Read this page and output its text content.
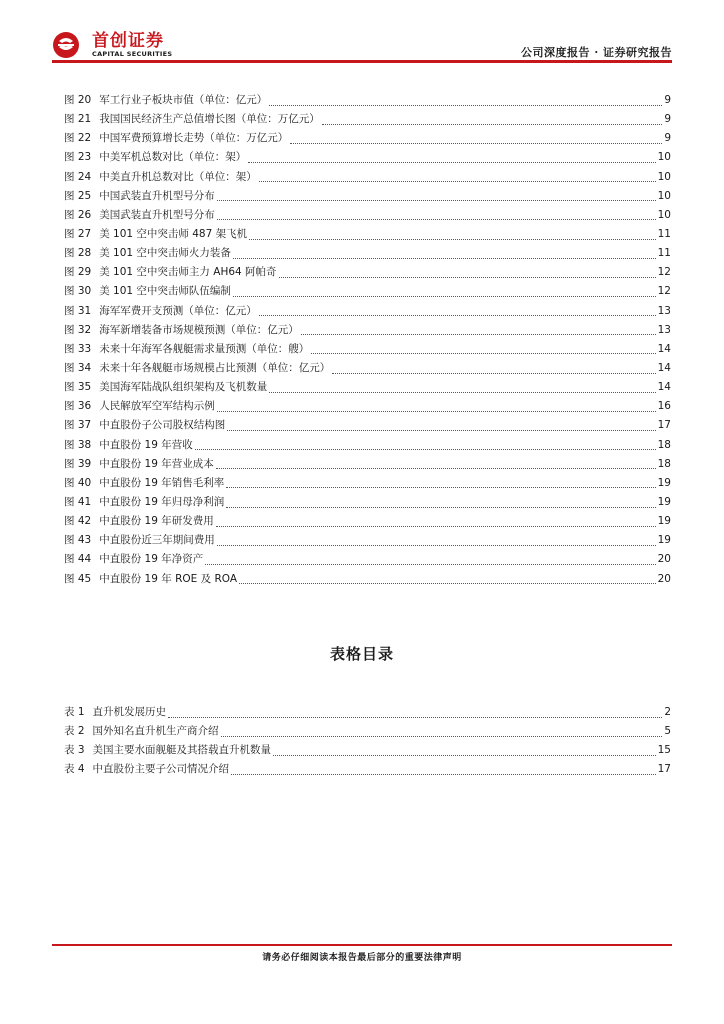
首创证券
CAPITAL SECURITIES	公司深度报告 · 证券研究报告
图 20 军工行业子板块市值（单位：亿元）	9
图 21 我国国民经济生产总值增长图（单位：万亿元）	9
图 22 中国军费预算增长走势（单位：万亿元）	9
图 23 中美军机总数对比（单位：架）	10
图 24 中美直升机总数对比（单位：架）	10
图 25 中国武装直升机型号分布	10
图 26 美国武装直升机型号分布	10
图 27 美 101 空中突击师 487 架飞机	11
图 28 美 101 空中突击师火力装备	11
图 29 美 101 空中突击师主力 AH64 阿帕奇	12
图 30 美 101 空中突击师队伍编制	12
图 31 海军军费开支预测（单位：亿元）	13
图 32 海军新增装备市场规模预测（单位：亿元）	13
图 33 未来十年海军各舰艇需求量预测（单位：艘）	14
图 34 未来十年各舰艇市场规模占比预测（单位：亿元）	14
图 35 美国海军陆战队组织架构及飞机数量	14
图 36 人民解放军空军结构示例	16
图 37 中直股份子公司股权结构图	17
图 38 中直股份 19 年营收	18
图 39 中直股份 19 年营业成本	18
图 40 中直股份 19 年销售毛利率	19
图 41 中直股份 19 年归母净利润	19
图 42 中直股份 19 年研发费用	19
图 43 中直股份近三年期间费用	19
图 44 中直股份 19 年净资产	20
图 45 中直股份 19 年 ROE 及 ROA	20
表格目录
表 1 直升机发展历史	2
表 2 国外知名直升机生产商介绍	5
表 3 美国主要水面舰艇及其搭载直升机数量	15
表 4 中直股份主要子公司情况介绍	17
请务必仔细阅读本报告最后部分的重要法律声明
